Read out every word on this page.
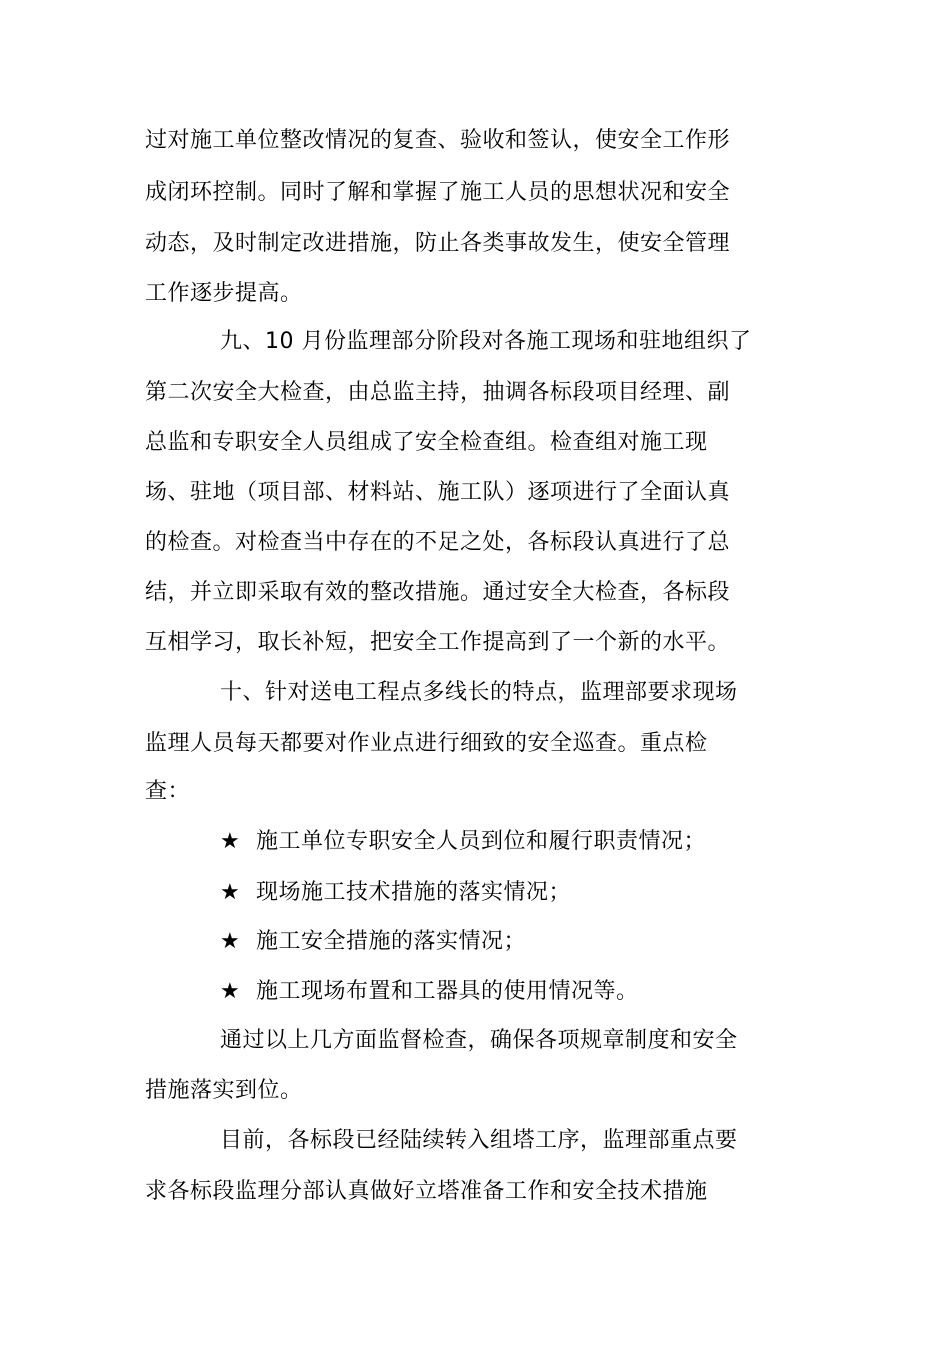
过对施工单位整改情况的复查、验收和签认，使安全工作形
成闭环控制。同时了解和掌握了施工人员的思想状况和安全
动态，及时制定改进措施，防止各类事故发生，使安全管理
工作逐步提高。
九、10 月份监理部分阶段对各施工现场和驻地组织了
第二次安全大检查，由总监主持，抽调各标段项目经理、副
总监和专职安全人员组成了安全检查组。检查组对施工现
场、驻地（项目部、材料站、施工队）逐项进行了全面认真
的检查。对检查当中存在的不足之处，各标段认真进行了总
结，并立即采取有效的整改措施。通过安全大检查，各标段
互相学习，取长补短，把安全工作提高到了一个新的水平。
十、针对送电工程点多线长的特点，监理部要求现场
监理人员每天都要对作业点进行细致的安全巡查。重点检
查：
★ 施工单位专职安全人员到位和履行职责情况；
★ 现场施工技术措施的落实情况；
★ 施工安全措施的落实情况；
★ 施工现场布置和工器具的使用情况等。
通过以上几方面监督检查，确保各项规章制度和安全
措施落实到位。
目前，各标段已经陆续转入组塔工序，监理部重点要
求各标段监理分部认真做好立塔准备工作和安全技术措施
